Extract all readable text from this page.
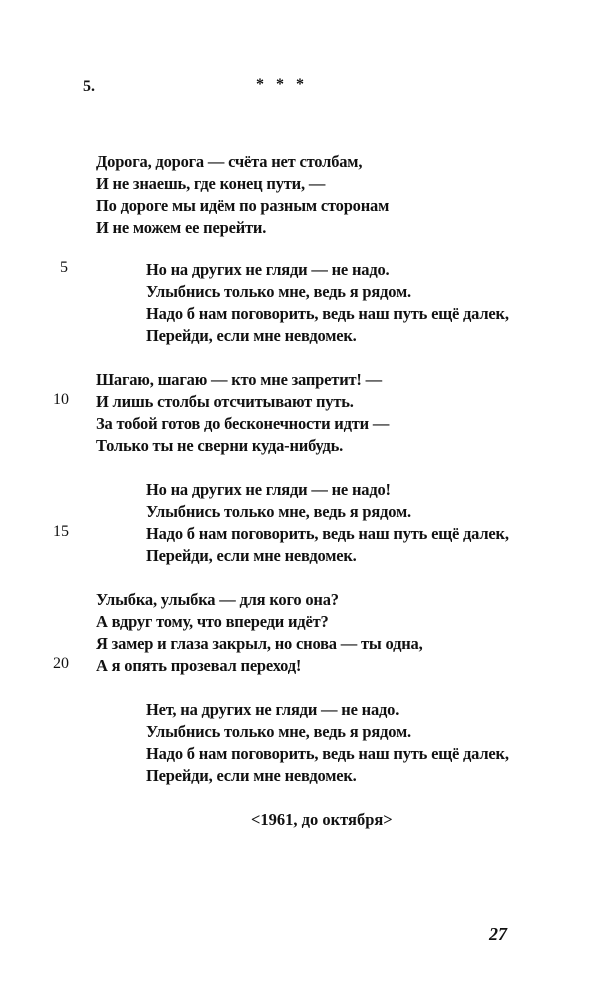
5.	* * *
Дорога, дорога — счёта нет столбам,
И не знаешь, где конец пути, —
По дороге мы идём по разным сторонам
И не можем ее перейти.
5	Но на других не гляди — не надо.
Улыбнись только мне, ведь я рядом.
Надо б нам поговорить, ведь наш путь ещё далек,
Перейди, если мне невдомек.
10
Шагаю, шагаю — кто мне запретит! —
И лишь столбы отсчитывают путь.
За тобой готов до бесконечности идти —
Только ты не сверни куда-нибудь.
15
Но на других не гляди — не надо!
Улыбнись только мне, ведь я рядом.
Надо б нам поговорить, ведь наш путь ещё далек,
Перейди, если мне невдомек.
20
Улыбка, улыбка — для кого она?
А вдруг тому, что впереди идёт?
Я замер и глаза закрыл, но снова — ты одна,
А я опять прозевал переход!
Нет, на других не гляди — не надо.
Улыбнись только мне, ведь я рядом.
Надо б нам поговорить, ведь наш путь ещё далек,
Перейди, если мне невдомек.
<1961, до октября>
27
